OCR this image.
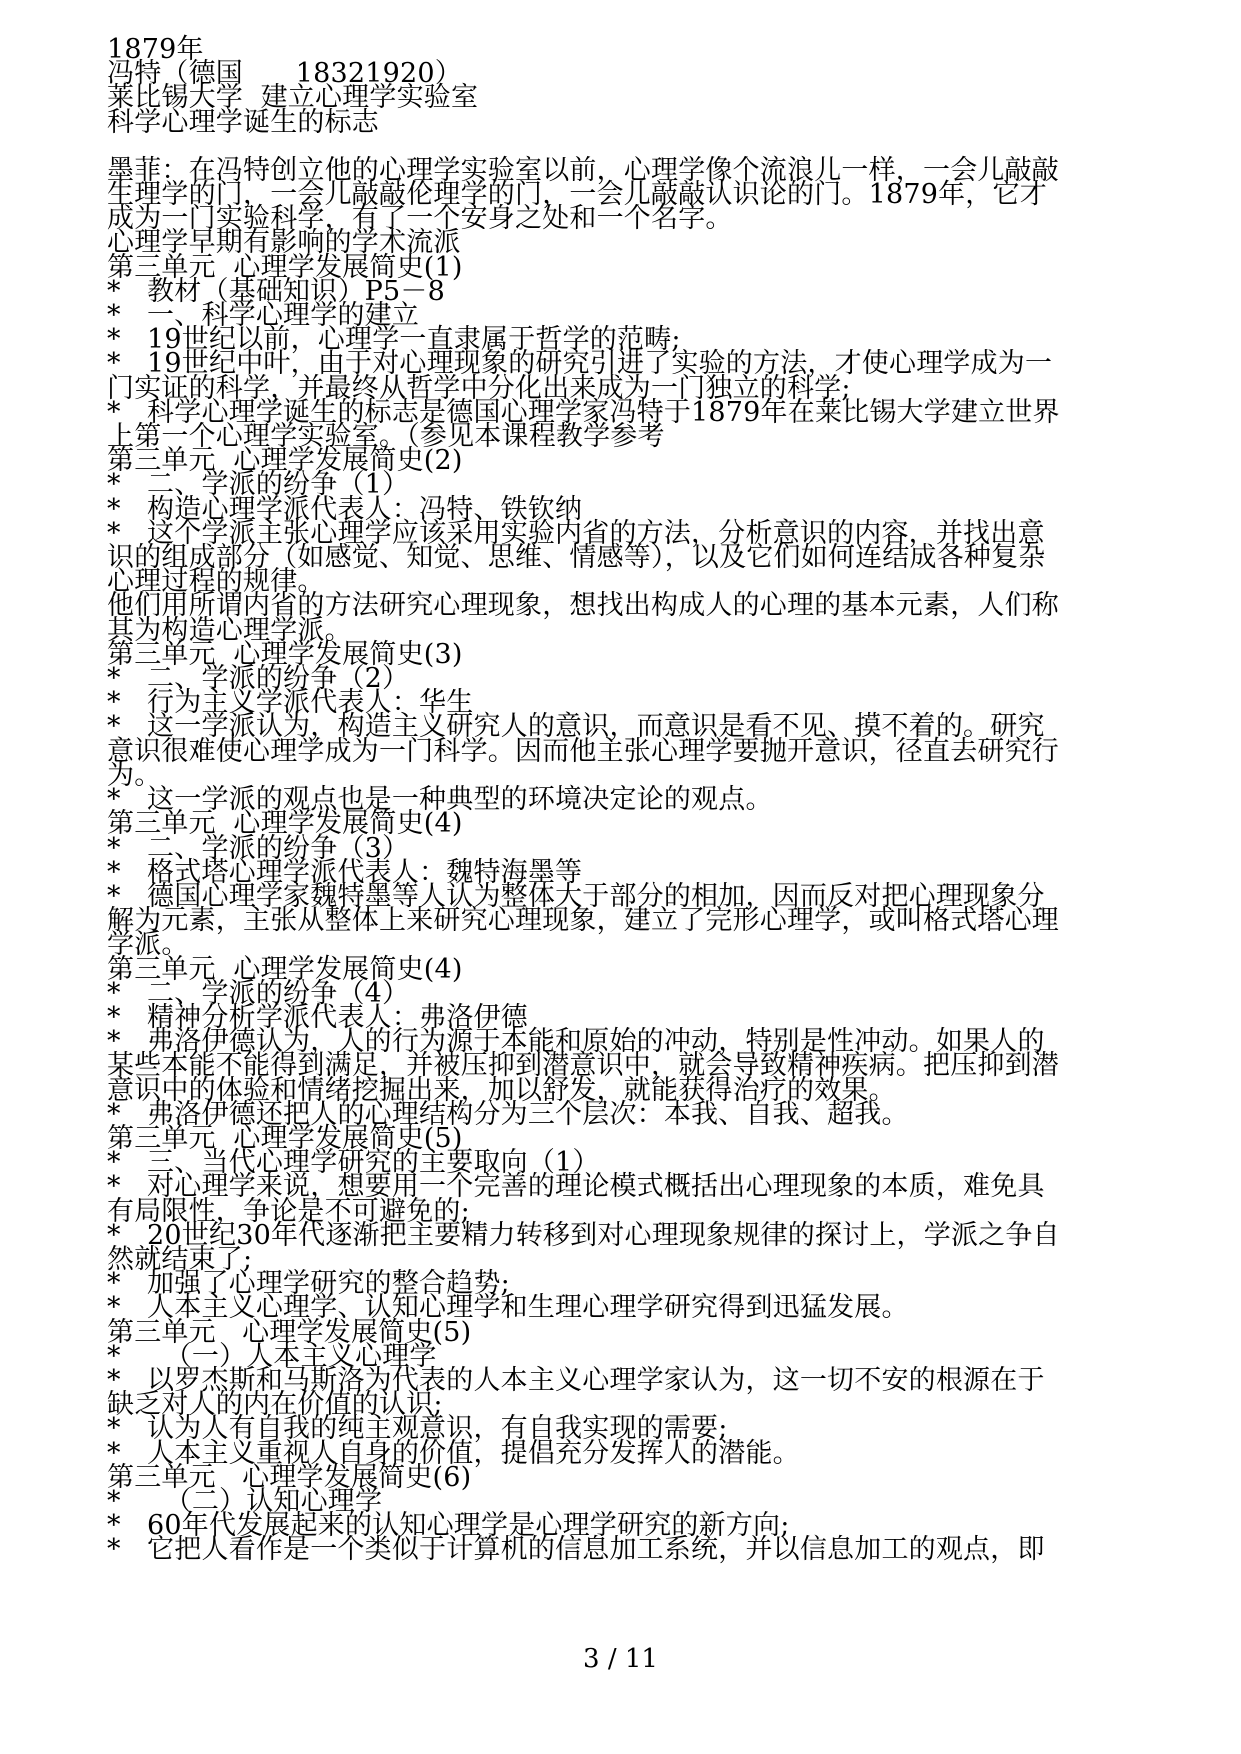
1879年
冯特（德国      18321920）
莱比锡大学  建立心理学实验室
科学心理学诞生的标志
墨菲：在冯特创立他的心理学实验室以前，心理学像个流浪儿一样，一会儿敲敲
生理学的门，一会儿敲敲伦理学的门，一会儿敲敲认识论的门。1879年，它才
成为一门实验科学，有了一个安身之处和一个名字。
心理学早期有影响的学术流派
第三单元  心理学发展简史(1)
*   教材（基础知识）P5－8
*   一、科学心理学的建立
*   19世纪以前，心理学一直隶属于哲学的范畴;
*   19世纪中叶，由于对心理现象的研究引进了实验的方法，才使心理学成为一
门实证的科学，并最终从哲学中分化出来成为一门独立的科学;
*   科学心理学诞生的标志是德国心理学家冯特于1879年在莱比锡大学建立世界
上第一个心理学实验室。（参见本课程教学参考
第三单元  心理学发展简史(2)
*   二、学派的纷争（1）
*   构造心理学派代表人：冯特、铁钦纳
*   这个学派主张心理学应该采用实验内省的方法，分析意识的内容，并找出意
识的组成部分（如感觉、知觉、思维、情感等），以及它们如何连结成各种复杂
心理过程的规律。
他们用所谓内省的方法研究心理现象，想找出构成人的心理的基本元素，人们称
其为构造心理学派。
第三单元  心理学发展简史(3)
*   二、学派的纷争（2）
*   行为主义学派代表人：华生
*   这一学派认为，构造主义研究人的意识，而意识是看不见、摸不着的。研究
意识很难使心理学成为一门科学。因而他主张心理学要抛开意识，径直去研究行
为。
*   这一学派的观点也是一种典型的环境决定论的观点。
第三单元  心理学发展简史(4)
*   二、学派的纷争（3）
*   格式塔心理学派代表人：魏特海墨等
*   德国心理学家魏特墨等人认为整体大于部分的相加，因而反对把心理现象分
解为元素，主张从整体上来研究心理现象，建立了完形心理学，或叫格式塔心理
学派。
第三单元  心理学发展简史(4)
*   二、学派的纷争（4）
*   精神分析学派代表人：弗洛伊德
*   弗洛伊德认为，人的行为源于本能和原始的冲动，特别是性冲动。如果人的
某些本能不能得到满足，并被压抑到潜意识中，就会导致精神疾病。把压抑到潜
意识中的体验和情绪挖掘出来，加以舒发，就能获得治疗的效果。
*   弗洛伊德还把人的心理结构分为三个层次：本我、自我、超我。
第三单元  心理学发展简史(5)
*   三、当代心理学研究的主要取向（1）
*   对心理学来说，想要用一个完善的理论模式概括出心理现象的本质，难免具
有局限性，争论是不可避免的;
*   20世纪30年代逐渐把主要精力转移到对心理现象规律的探讨上，学派之争自
然就结束了;
*   加强了心理学研究的整合趋势;
*   人本主义心理学、认知心理学和生理心理学研究得到迅猛发展。
第三单元   心理学发展简史(5)
*     （一）人本主义心理学
*   以罗杰斯和马斯洛为代表的人本主义心理学家认为，这一切不安的根源在于
缺乏对人的内在价值的认识;
*   认为人有自我的纯主观意识，有自我实现的需要;
*   人本主义重视人自身的价值，提倡充分发挥人的潜能。
第三单元   心理学发展简史(6)
*     （二）认知心理学
*   60年代发展起来的认知心理学是心理学研究的新方向;
*   它把人看作是一个类似于计算机的信息加工系统，并以信息加工的观点，即
3 / 11
